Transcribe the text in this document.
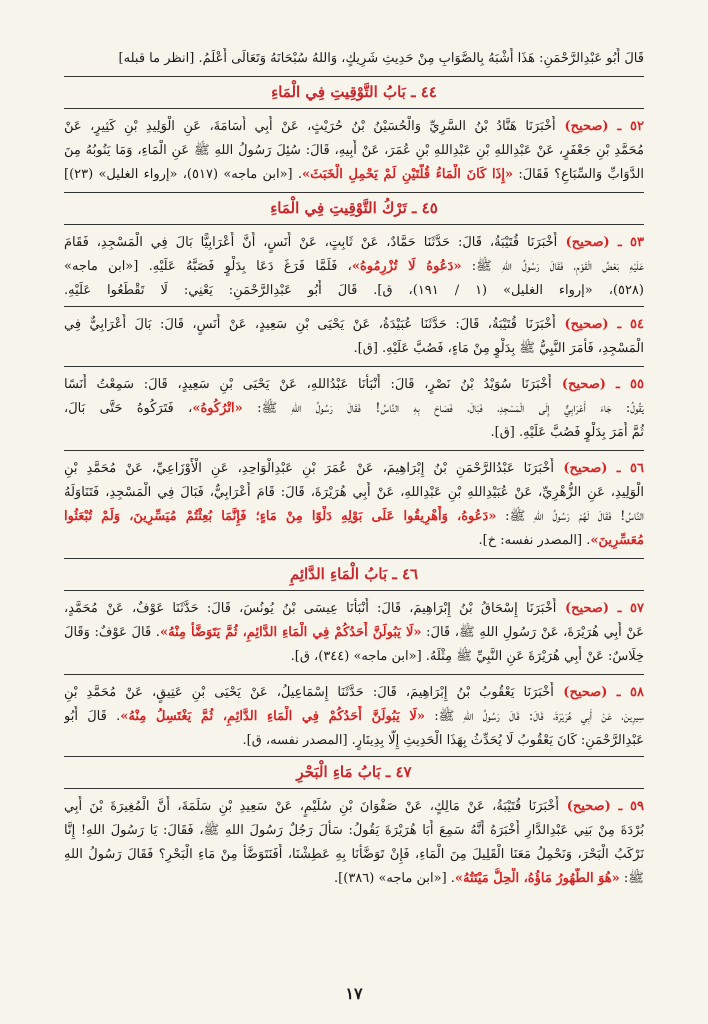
قَالَ أَبُو عَبْدِالرَّحْمَنِ: هَذَا أَشْبَهُ بِالصَّوَابِ مِنْ حَدِيثِ شَرِيكٍ، وَاللهُ سُبْحَانَهُ وَتَعَالَى أَعْلَمُ. [انظر ما قبله]
٤٤ ـ بَابُ التَّوْقِيتِ فِي الْمَاءِ
٥٢ ـ (صحيح) أَخْبَرَنَا هَنَّادُ بْنُ السَّرِيِّ وَالْحُسَيْنُ بْنُ حُرَيْثٍ، عَنْ أَبِي أُسَامَةَ، عَنِ الْوَلِيدِ بْنِ كَثِيرٍ، عَنْ
مُحَمَّدِ بْنِ جَعْفَرٍ، عَنْ عَبْدِاللهِ بْنِ عَبْدِاللهِ بْنِ عُمَرَ، عَنْ أَبِيهِ، قَالَ: سُئِلَ رَسُولُ اللهِ ﷺ عَنِ الْمَاءِ، وَمَا يَنُوبُهُ مِنَ
الدَّوَابِّ وَالسِّبَاعِ؟ فَقَالَ: «إِذَا كَانَ الْمَاءُ قُلَّتَيْنِ لَمْ يَحْمِلِ الْخَبَثَ». [«ابن ماجه» (٥١٧)، «إرواء الغليل» (٢٣)]
٤٥ ـ تَرْكُ التَّوْقِيتِ فِي الْمَاءِ
٥٣ ـ (صحيح) أَخْبَرَنَا قُتَيْبَةُ، قَالَ: حَدَّثَنَا حَمَّادٌ، عَنْ ثَابِتٍ، عَنْ أَنَسٍ، أَنَّ أَعْرَابِيًّا بَالَ فِي الْمَسْجِدِ، فَقَامَ
عَلَيْهِ بَعْضُ الْقَوْمِ، فَقَالَ رَسُولُ اللهِ ﷺ: «دَعُوهُ لَا تُزْرِمُوهُ»، فَلَمَّا فَرَغَ دَعَا بِدَلْوٍ فَصَبَّهُ عَلَيْهِ. [«ابن ماجه»
(٥٢٨)، «إرواء الغليل» (١ / ١٩١)، ق]. قَالَ أَبُو عَبْدِالرَّحْمَنِ: يَعْنِي: لَا تَقْطَعُوا عَلَيْهِ.
٥٤ ـ (صحيح) أَخْبَرَنَا قُتَيْبَةُ، قَالَ: حَدَّثَنَا عُبَيْدَةُ، عَنْ يَحْيَى بْنِ سَعِيدٍ، عَنْ أَنَسٍ، قَالَ: بَالَ أَعْرَابِيٌّ فِي
الْمَسْجِدِ، فَأَمَرَ النَّبِيُّ ﷺ بِدَلْوٍ مِنْ مَاءٍ، فَصُبَّ عَلَيْهِ. [ق].
٥٥ ـ (صحيح) أَخْبَرَنَا سُوَيْدُ بْنُ نَصْرٍ، قَالَ: أَنْبَأَنَا عَبْدُاللهِ، عَنْ يَحْيَى بْنِ سَعِيدٍ، قَالَ: سَمِعْتُ أَنَسًا
يَقُولُ: جَاءَ أَعْرَابِيٌّ إِلَى الْمَسْجِدِ، فَبَالَ، فَصَاحَ بِهِ النَّاسُ! فَقَالَ رَسُولُ اللهِ ﷺ: «اتْرُكُوهُ»، فَتَرَكُوهُ حَتَّى بَالَ،
ثُمَّ أَمَرَ بِدَلْوٍ فَصُبَّ عَلَيْهِ. [ق].
٥٦ ـ (صحيح) أَخْبَرَنَا عَبْدُالرَّحْمَنِ بْنُ إِبْرَاهِيمَ، عَنْ عُمَرَ بْنِ عَبْدِالْوَاحِدِ، عَنِ الْأَوْزَاعِيِّ، عَنْ مُحَمَّدِ بْنِ
الْوَلِيدِ، عَنِ الزُّهْرِيِّ، عَنْ عُبَيْدِاللهِ بْنِ عَبْدِاللهِ، عَنْ أَبِي هُرَيْرَةَ، قَالَ: قَامَ أَعْرَابِيٌّ، فَبَالَ فِي الْمَسْجِدِ، فَتَنَاوَلَهُ
النَّاسُ! فَقَالَ لَهُمْ رَسُولُ اللهِ ﷺ: «دَعُوهُ، وَأَهْرِيقُوا عَلَى بَوْلِهِ دَلْوًا مِنْ مَاءٍ؛ فَإِنَّمَا بُعِثْتُمْ مُيَسِّرِينَ، وَلَمْ تُبْعَثُوا
مُعَسِّرِينَ». [المصدر نفسه: خ].
٤٦ ـ بَابُ الْمَاءِ الدَّائِمِ
٥٧ ـ (صحيح) أَخْبَرَنَا إِسْحَاقُ بْنُ إِبْرَاهِيمَ، قَالَ: أَنْبَأَنَا عِيسَى بْنُ يُونُسَ، قَالَ: حَدَّثَنَا عَوْفٌ، عَنْ مُحَمَّدٍ،
عَنْ أَبِي هُرَيْرَةَ، عَنْ رَسُولِ اللهِ ﷺ، قَالَ: «لَا يَبُولَنَّ أَحَدُكُمْ فِي الْمَاءِ الدَّائِمِ، ثُمَّ يَتَوَضَّأُ مِنْهُ». قَالَ عَوْفٌ: وَقَالَ
خِلَاسٌ: عَنْ أَبِي هُرَيْرَةَ عَنِ النَّبِيِّ ﷺ مِثْلَهُ. [«ابن ماجه» (٣٤٤)، ق].
٥٨ ـ (صحيح) أَخْبَرَنَا يَعْقُوبُ بْنُ إِبْرَاهِيمَ، قَالَ: حَدَّثَنَا إِسْمَاعِيلُ، عَنْ يَحْيَى بْنِ عَتِيقٍ، عَنْ مُحَمَّدِ بْنِ
سِيرِينَ، عَنْ أَبِي هُرَيْرَةَ، قَالَ: قَالَ رَسُولُ اللهِ ﷺ: «لَا يَبُولَنَّ أَحَدُكُمْ فِي الْمَاءِ الدَّائِمِ، ثُمَّ يَغْتَسِلُ مِنْهُ». قَالَ أَبُو
عَبْدِالرَّحْمَنِ: كَانَ يَعْقُوبُ لَا يُحَدِّثُ بِهَذَا الْحَدِيثِ إِلَّا بِدِينَارٍ. [المصدر نفسه، ق].
٤٧ ـ بَابُ مَاءِ الْبَحْرِ
٥٩ ـ (صحيح) أَخْبَرَنَا قُتَيْبَةُ، عَنْ مَالِكٍ، عَنْ صَفْوَانَ بْنِ سُلَيْمٍ، عَنْ سَعِيدِ بْنِ سَلَمَةَ، أَنَّ الْمُغِيرَةَ بْنَ أَبِي
بُرْدَةَ مِنْ بَنِي عَبْدِالدَّارِ أَخْبَرَهُ أَنَّهُ سَمِعَ أَبَا هُرَيْرَةَ يَقُولُ: سَأَلَ رَجُلٌ رَسُولَ اللهِ ﷺ، فَقَالَ: يَا رَسُولَ اللهِ! إِنَّا
نَرْكَبُ الْبَحْرَ، وَنَحْمِلُ مَعَنَا الْقَلِيلَ مِنَ الْمَاءِ، فَإِنْ تَوَضَّأْنَا بِهِ عَطِشْنَا، أَفَنَتَوَضَّأُ مِنْ مَاءِ الْبَحْرِ؟ فَقَالَ رَسُولُ اللهِ
ﷺ: «هُوَ الطَّهُورُ مَاؤُهُ، الْحِلُّ مَيْتَتُهُ». [«ابن ماجه» (٣٨٦)].
١٧
